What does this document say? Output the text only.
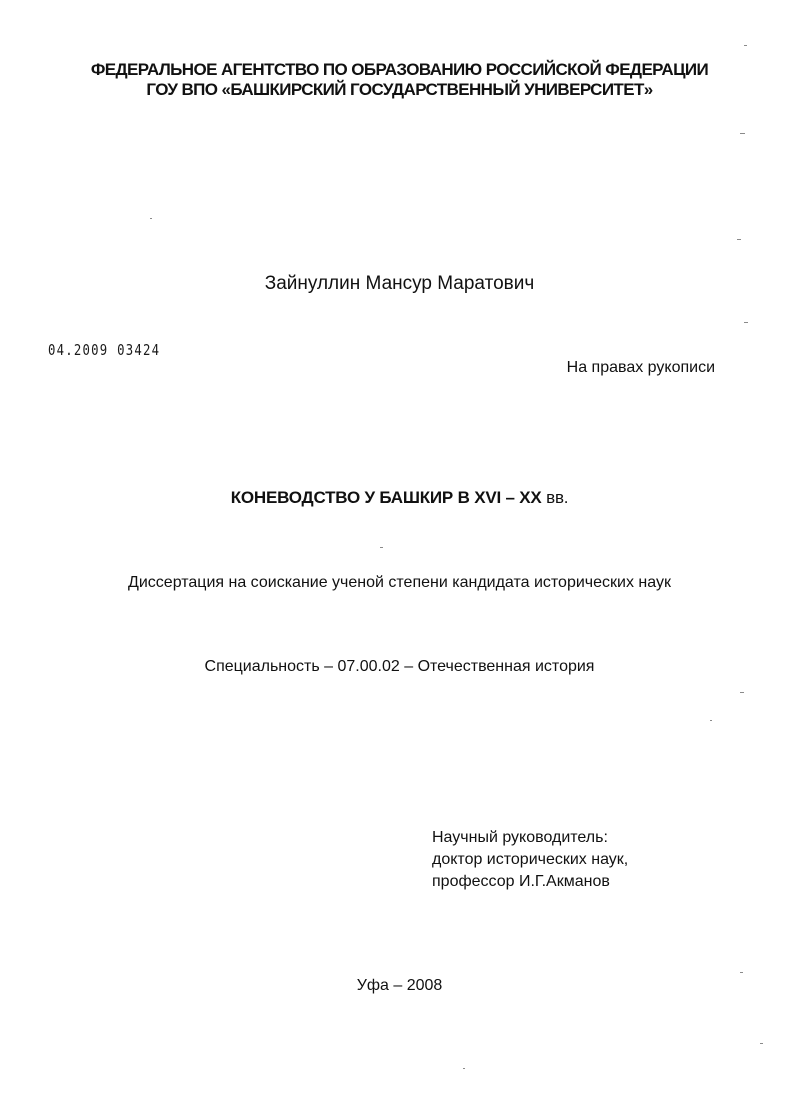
ФЕДЕРАЛЬНОЕ АГЕНТСТВО ПО ОБРАЗОВАНИЮ РОССИЙСКОЙ ФЕДЕРАЦИИ
ГОУ ВПО «БАШКИРСКИЙ ГОСУДАРСТВЕННЫЙ УНИВЕРСИТЕТ»
Зайнуллин Мансур Маратович
04.2009 03424
На правах рукописи
КОНЕВОДСТВО У БАШКИР В ХVI – ХХ вв.
Диссертация на соискание ученой степени кандидата исторических наук
Специальность – 07.00.02 – Отечественная история
Научный руководитель:
доктор исторических наук,
профессор И.Г.Акманов
Уфа – 2008
